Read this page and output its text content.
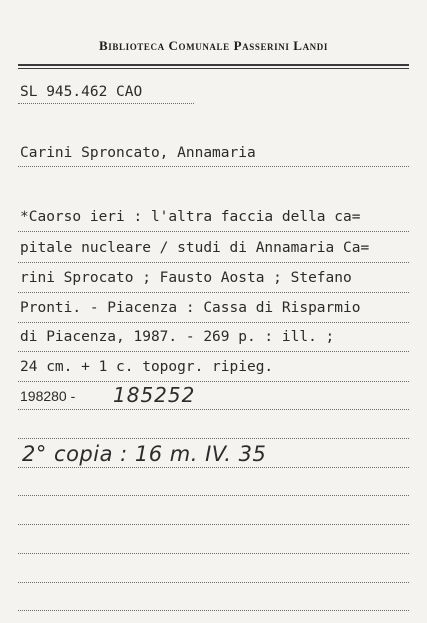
Biblioteca Comunale Passerini Landi
SL 945.462 CAO
Carini Sproncato, Annamaria
*Caorso ieri : l'altra faccia della ca=
pitale nucleare / studi di Annamaria Ca=
rini Sprocato ; Fausto Aosta ; Stefano
Pronti. - Piacenza : Cassa di Risparmio
di Piacenza, 1987. - 269 p. : ill. ;
24 cm. + 1 c. topogr. ripieg.
198280 - 185252
2° copia : 16 m. IV. 35
